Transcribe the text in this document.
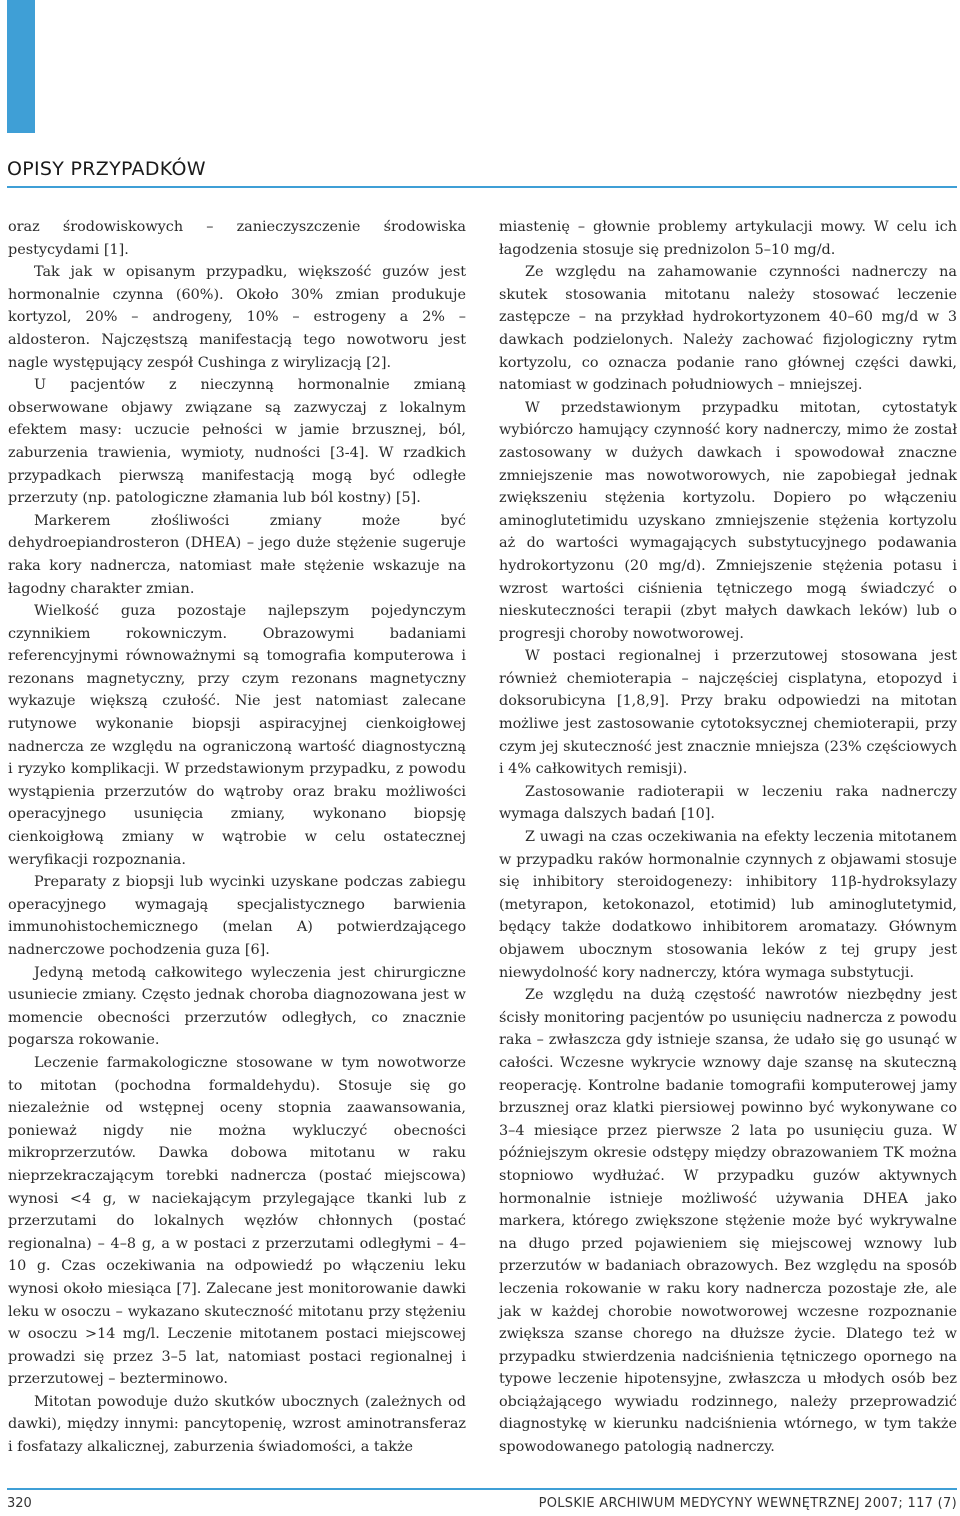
OPISY PRZYPADKÓW

oraz środowiskowych – zanieczyszczenie środowiska pestycydami [1].

Tak jak w opisanym przypadku, większość guzów jest hormonalnie czynna (60%). Około 30% zmian produkuje kortyzol, 20% – androgeny, 10% – estrogeny a 2% – aldosteron. Najczęstszą manifestacją tego nowotworu jest nagle występujący zespół Cushinga z wirylizacją [2].

U pacjentów z nieczynną hormonalnie zmianą obserwowane objawy związane są zazwyczaj z lokalnym efektem masy: uczucie pełności w jamie brzusznej, ból, zaburzenia trawienia, wymioty, nudności [3-4]. W rzadkich przypadkach pierwszą manifestacją mogą być odległe przerzuty (np. patologiczne złamania lub ból kostny) [5].

Markerem złośliwości zmiany może być dehydroepiandrosteron (DHEA) – jego duże stężenie sugeruje raka kory nadnercza, natomiast małe stężenie wskazuje na łagodny charakter zmian.

Wielkość guza pozostaje najlepszym pojedynczym czynnikiem rokowniczym. Obrazowymi badaniami referencyjnymi równoważnymi są tomografia komputerowa i rezonans magnetyczny, przy czym rezonans magnetyczny wykazuje większą czułość. Nie jest natomiast zalecane rutynowe wykonanie biopsji aspiracyjnej cienkoigłowej nadnercza ze względu na ograniczoną wartość diagnostyczną i ryzyko komplikacji. W przedstawionym przypadku, z powodu wystąpienia przerzutów do wątroby oraz braku możliwości operacyjnego usunięcia zmiany, wykonano biopsję cienkoigłową zmiany w wątrobie w celu ostatecznej weryfikacji rozpoznania.

Preparaty z biopsji lub wycinki uzyskane podczas zabiegu operacyjnego wymagają specjalistycznego barwienia immunohistochemicznego (melan A) potwierdzającego nadnerczowe pochodzenia guza [6].

Jedyną metodą całkowitego wyleczenia jest chirurgiczne usuniecie zmiany. Często jednak choroba diagnozowana jest w momencie obecności przerzutów odległych, co znacznie pogarsza rokowanie.

Leczenie farmakologiczne stosowane w tym nowotworze to mitotan (pochodna formaldehydu). Stosuje się go niezależnie od wstępnej oceny stopnia zaawansowania, ponieważ nigdy nie można wykluczyć obecności mikroprzerzutów. Dawka dobowa mitotanu w raku nieprzekraczającym torebki nadnercza (postać miejscowa) wynosi <4 g, w naciekającym przylegające tkanki lub z przerzutami do lokalnych węzłów chłonnych (postać regionalna) – 4–8 g, a w postaci z przerzutami odległymi – 4–10 g. Czas oczekiwania na odpowiedź po włączeniu leku wynosi około miesiąca [7]. Zalecane jest monitorowanie dawki leku w osoczu – wykazano skuteczność mitotanu przy stężeniu w osoczu >14 mg/l. Leczenie mitotanem postaci miejscowej prowadzi się przez 3–5 lat, natomiast postaci regionalnej i przerzutowej – bezterminowo.

Mitotan powoduje dużo skutków ubocznych (zależnych od dawki), między innymi: pancytopenię, wzrost aminotransferaz i fosfatazy alkalicznej, zaburzenia świadomości, a także

miastenię – głownie problemy artykulacji mowy. W celu ich łagodzenia stosuje się prednizolon 5–10 mg/d.

Ze względu na zahamowanie czynności nadnerczy na skutek stosowania mitotanu należy stosować leczenie zastępcze – na przykład hydrokortyzonem 40–60 mg/d w 3 dawkach podzielonych. Należy zachować fizjologiczny rytm kortyzolu, co oznacza podanie rano głównej części dawki, natomiast w godzinach południowych – mniejszej.

W przedstawionym przypadku mitotan, cytostatyk wybiórczo hamujący czynność kory nadnerczy, mimo że został zastosowany w dużych dawkach i spowodował znaczne zmniejszenie mas nowotworowych, nie zapobiegał jednak zwiększeniu stężenia kortyzolu. Dopiero po włączeniu aminoglutetimidu uzyskano zmniejszenie stężenia kortyzolu aż do wartości wymagających substytucyjnego podawania hydrokortyzonu (20 mg/d). Zmniejszenie stężenia potasu i wzrost wartości ciśnienia tętniczego mogą świadczyć o nieskuteczności terapii (zbyt małych dawkach leków) lub o progresji choroby nowotworowej.

W postaci regionalnej i przerzutowej stosowana jest również chemioterapia – najczęściej cisplatyna, etopozyd i doksorubicyna [1,8,9]. Przy braku odpowiedzi na mitotan możliwe jest zastosowanie cytotoksycznej chemioterapii, przy czym jej skuteczność jest znacznie mniejsza (23% częściowych i 4% całkowitych remisji).

Zastosowanie radioterapii w leczeniu raka nadnerczy wymaga dalszych badań [10].

Z uwagi na czas oczekiwania na efekty leczenia mitotanem w przypadku raków hormonalnie czynnych z objawami stosuje się inhibitory steroidogenezy: inhibitory 11β-hydroksylazy (metyrapon, ketokonazol, etotimid) lub aminoglutetymid, będący także dodatkowo inhibitorem aromatazy. Głównym objawem ubocznym stosowania leków z tej grupy jest niewydolność kory nadnerczy, która wymaga substytucji.

Ze względu na dużą częstość nawrotów niezbędny jest ścisły monitoring pacjentów po usunięciu nadnercza z powodu raka – zwłaszcza gdy istnieje szansa, że udało się go usunąć w całości. Wczesne wykrycie wznowy daje szansę na skuteczną reoperację. Kontrolne badanie tomografii komputerowej jamy brzusznej oraz klatki piersiowej powinno być wykonywane co 3–4 miesiące przez pierwsze 2 lata po usunięciu guza. W późniejszym okresie odstępy między obrazowaniem TK można stopniowo wydłużać. W przypadku guzów aktywnych hormonalnie istnieje możliwość używania DHEA jako markera, którego zwiększone stężenie może być wykrywalne na długo przed pojawieniem się miejscowej wznowy lub przerzutów w badaniach obrazowych. Bez względu na sposób leczenia rokowanie w raku kory nadnercza pozostaje złe, ale jak w każdej chorobie nowotworowej wczesne rozpoznanie zwiększa szanse chorego na dłuższe życie. Dlatego też w przypadku stwierdzenia nadciśnienia tętniczego opornego na typowe leczenie hipotensyjne, zwłaszcza u młodych osób bez obciążającego wywiadu rodzinnego, należy przeprowadzić diagnostykę w kierunku nadciśnienia wtórnego, w tym także spowodowanego patologią nadnerczy.

320	POLSKIE ARCHIWUM MEDYCYNY WEWNĘTRZNEJ 2007; 117 (7)
